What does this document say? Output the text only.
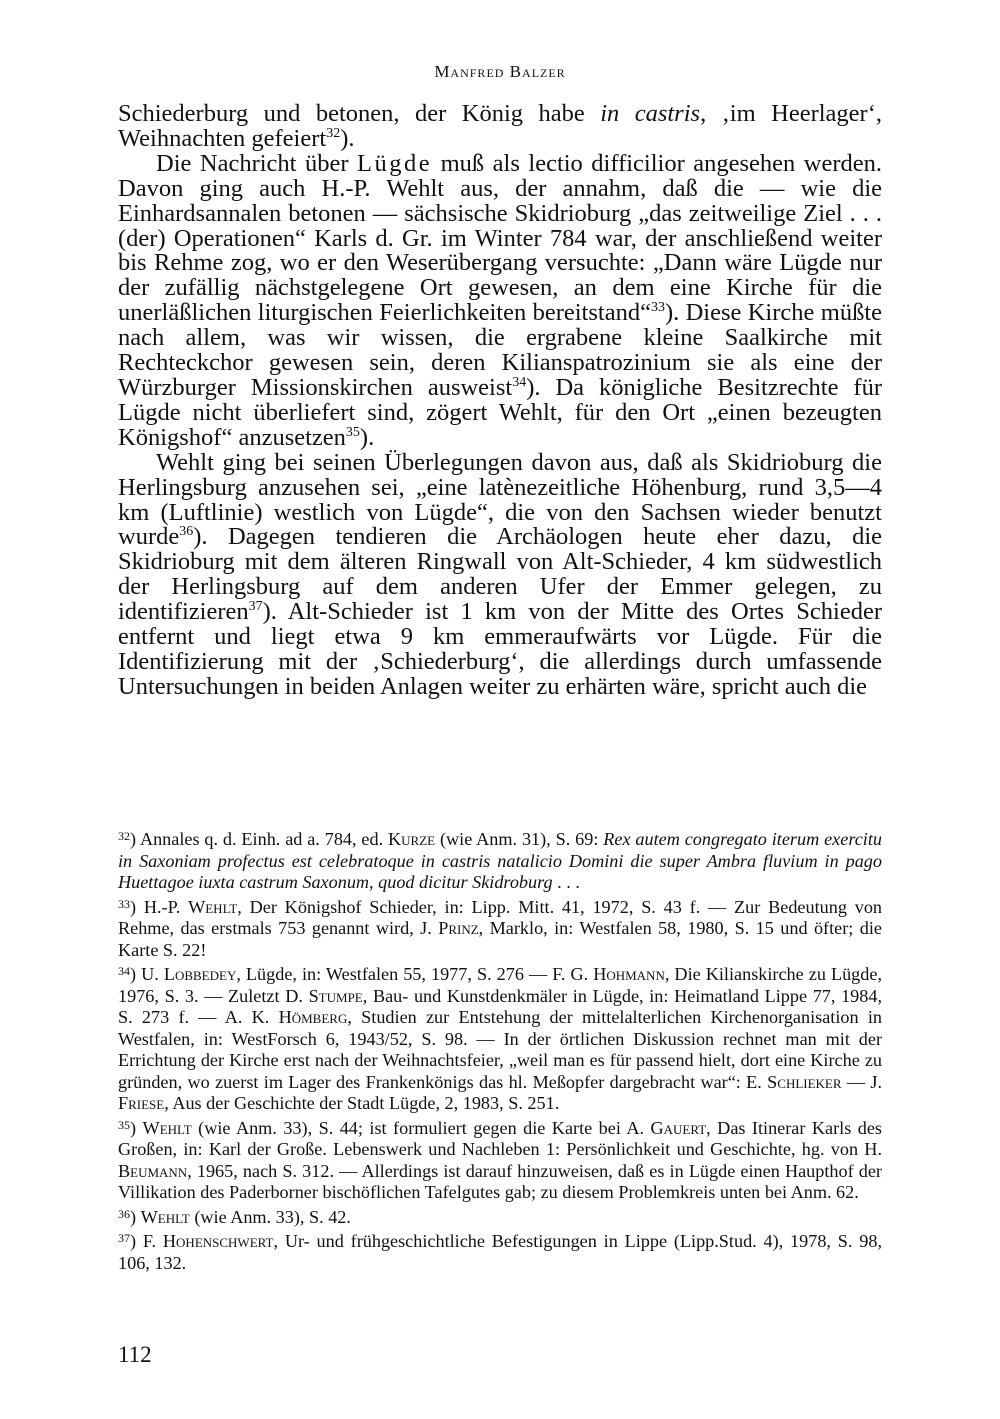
Manfred Balzer

Schiederburg und betonen, der König habe in castris, ‚im Heerlager‘, Weihnachten gefeiert$^{32}$).

Die Nachricht über Lügde muß als lectio difficilior angesehen werden. Davon ging auch H.-P. Wehlt aus, der annahm, daß die — wie die Einhardsannalen betonen — sächsische Skidrioburg „das zeitweilige Ziel . . . (der) Operationen“ Karls d. Gr. im Winter 784 war, der anschließend weiter bis Rehme zog, wo er den Weserübergang versuchte: „Dann wäre Lügde nur der zufällig nächstgelegene Ort gewesen, an dem eine Kirche für die unerläßlichen liturgischen Feierlichkeiten bereitstand“$^{33}$). Diese Kirche müßte nach allem, was wir wissen, die ergrabene kleine Saalkirche mit Rechteckchor gewesen sein, deren Kilianspatrozinium sie als eine der Würzburger Missionskirchen ausweist$^{34}$). Da königliche Besitzrechte für Lügde nicht überliefert sind, zögert Wehlt, für den Ort „einen bezeugten Königshof“ anzusetzen$^{35}$).

Wehlt ging bei seinen Überlegungen davon aus, daß als Skidrioburg die Herlingsburg anzusehen sei, „eine latènezeitliche Höhenburg, rund 3,5—4 km (Luftlinie) westlich von Lügde“, die von den Sachsen wieder benutzt wurde$^{36}$). Dagegen tendieren die Archäologen heute eher dazu, die Skidrioburg mit dem älteren Ringwall von Alt-Schieder, 4 km südwestlich der Herlingsburg auf dem anderen Ufer der Emmer gelegen, zu identifizieren$^{37}$). Alt-Schieder ist 1 km von der Mitte des Ortes Schieder entfernt und liegt etwa 9 km emmeraufwärts vor Lügde. Für die Identifizierung mit der ‚Schiederburg‘, die allerdings durch umfassende Untersuchungen in beiden Anlagen weiter zu erhärten wäre, spricht auch die

$^{32}$) Annales q. d. Einh. ad a. 784, ed. Kurze (wie Anm. 31), S. 69: Rex autem congregato iterum exercitu in Saxoniam profectus est celebratoque in castris natalicio Domini die super Ambra fluvium in pago Huettagoe iuxta castrum Saxonum, quod dicitur Skidroburg . . .

$^{33}$) H.-P. Wehlt, Der Königshof Schieder, in: Lipp. Mitt. 41, 1972, S. 43 f. — Zur Bedeutung von Rehme, das erstmals 753 genannt wird, J. Prinz, Marklo, in: Westfalen 58, 1980, S. 15 und öfter; die Karte S. 22!

$^{34}$) U. Lobbedey, Lügde, in: Westfalen 55, 1977, S. 276 — F. G. Hohmann, Die Kilianskirche zu Lügde, 1976, S. 3. — Zuletzt D. Stumpe, Bau- und Kunstdenkmäler in Lügde, in: Heimatland Lippe 77, 1984, S. 273 f. — A. K. Hömberg, Studien zur Entstehung der mittelalterlichen Kirchenorganisation in Westfalen, in: WestForsch 6, 1943/52, S. 98. — In der örtlichen Diskussion rechnet man mit der Errichtung der Kirche erst nach der Weihnachtsfeier, „weil man es für passend hielt, dort eine Kirche zu gründen, wo zuerst im Lager des Frankenkönigs das hl. Meßopfer dargebracht war“: E. Schlieker — J. Friese, Aus der Geschichte der Stadt Lügde, 2, 1983, S. 251.

$^{35}$) Wehlt (wie Anm. 33), S. 44; ist formuliert gegen die Karte bei A. Gauert, Das Itinerar Karls des Großen, in: Karl der Große. Lebenswerk und Nachleben 1: Persönlichkeit und Geschichte, hg. von H. Beumann, 1965, nach S. 312. — Allerdings ist darauf hinzuweisen, daß es in Lügde einen Haupthof der Villikation des Paderborner bischöflichen Tafelgutes gab; zu diesem Problemkreis unten bei Anm. 62.

$^{36}$) Wehlt (wie Anm. 33), S. 42.

$^{37}$) F. Hohenschwert, Ur- und frühgeschichtliche Befestigungen in Lippe (Lipp.Stud. 4), 1978, S. 98, 106, 132.

112
